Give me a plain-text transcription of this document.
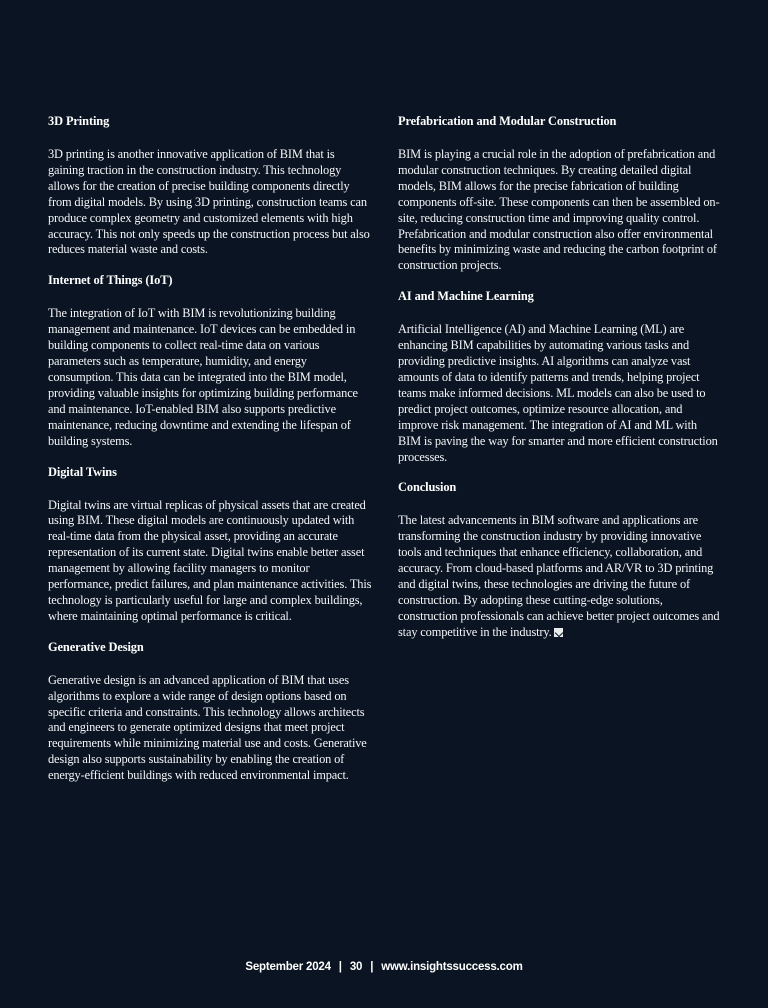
3D Printing

3D printing is another innovative application of BIM that is gaining traction in the construction industry. This technology allows for the creation of precise building components directly from digital models. By using 3D printing, construction teams can produce complex geometry and customized elements with high accuracy. This not only speeds up the construction process but also reduces material waste and costs.

Internet of Things (IoT)

The integration of IoT with BIM is revolutionizing building management and maintenance. IoT devices can be embedded in building components to collect real-time data on various parameters such as temperature, humidity, and energy consumption. This data can be integrated into the BIM model, providing valuable insights for optimizing building performance and maintenance. IoT-enabled BIM also supports predictive maintenance, reducing downtime and extending the lifespan of building systems.

Digital Twins

Digital twins are virtual replicas of physical assets that are created using BIM. These digital models are continuously updated with real-time data from the physical asset, providing an accurate representation of its current state. Digital twins enable better asset management by allowing facility managers to monitor performance, predict failures, and plan maintenance activities. This technology is particularly useful for large and complex buildings, where maintaining optimal performance is critical.

Generative Design

Generative design is an advanced application of BIM that uses algorithms to explore a wide range of design options based on specific criteria and constraints. This technology allows architects and engineers to generate optimized designs that meet project requirements while minimizing material use and costs. Generative design also supports sustainability by enabling the creation of energy-efficient buildings with reduced environmental impact.

Prefabrication and Modular Construction

BIM is playing a crucial role in the adoption of prefabrication and modular construction techniques. By creating detailed digital models, BIM allows for the precise fabrication of building components off-site. These components can then be assembled on-site, reducing construction time and improving quality control. Prefabrication and modular construction also offer environmental benefits by minimizing waste and reducing the carbon footprint of construction projects.

AI and Machine Learning

Artificial Intelligence (AI) and Machine Learning (ML) are enhancing BIM capabilities by automating various tasks and providing predictive insights. AI algorithms can analyze vast amounts of data to identify patterns and trends, helping project teams make informed decisions. ML models can also be used to predict project outcomes, optimize resource allocation, and improve risk management. The integration of AI and ML with BIM is paving the way for smarter and more efficient construction processes.

Conclusion

The latest advancements in BIM software and applications are transforming the construction industry by providing innovative tools and techniques that enhance efficiency, collaboration, and accuracy. From cloud-based platforms and AR/VR to 3D printing and digital twins, these technologies are driving the future of construction. By adopting these cutting-edge solutions, construction professionals can achieve better project outcomes and stay competitive in the industry.

September 2024 | 30 | www.insightssuccess.com
